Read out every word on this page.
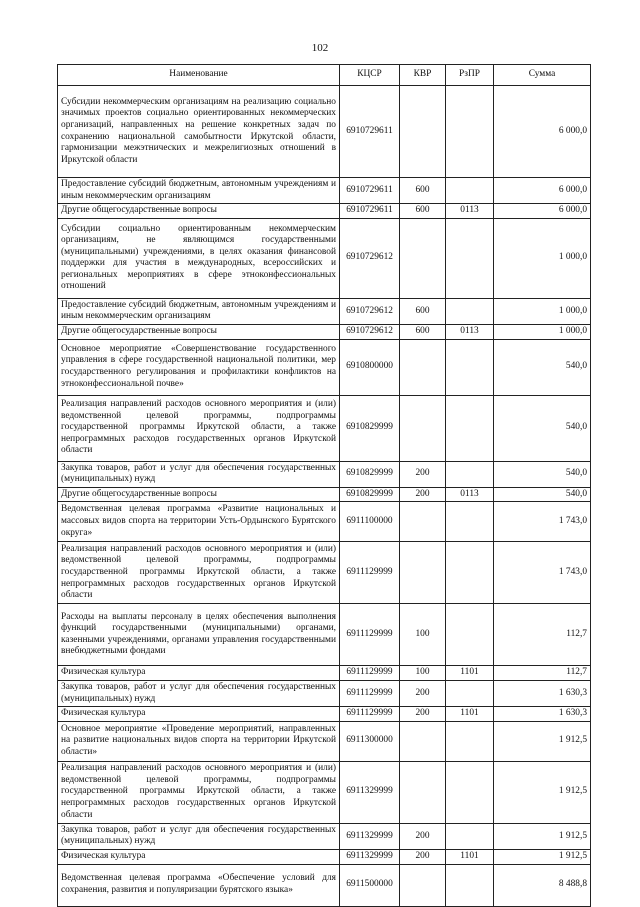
102
Наименование	КЦСР	КВР	РзПР	Сумма
Субсидии некоммерческим организациям на реализацию социально значимых проектов социально ориентированных некоммерческих организаций, направленных на решение конкретных задач по сохранению национальной самобытности Иркутской области, гармонизации межэтнических и межрелигиозных отношений в Иркутской области	6910729611			6 000,0
Предоставление субсидий бюджетным, автономным учреждениям и иным некоммерческим организациям	6910729611	600		6 000,0
Другие общегосударственные вопросы	6910729611	600	0113	6 000,0
Субсидии социально ориентированным некоммерческим организациям, не являющимся государственными (муниципальными) учреждениями, в целях оказания финансовой поддержки для участия в международных, всероссийских и региональных мероприятиях в сфере этноконфессиональных отношений	6910729612			1 000,0
Предоставление субсидий бюджетным, автономным учреждениям и иным некоммерческим организациям	6910729612	600		1 000,0
Другие общегосударственные вопросы	6910729612	600	0113	1 000,0
Основное мероприятие «Совершенствование государственного управления в сфере государственной национальной политики, мер государственного регулирования и профилактики конфликтов на этноконфессиональной почве»	6910800000			540,0
Реализация направлений расходов основного мероприятия и (или) ведомственной целевой программы, подпрограммы государственной программы Иркутской области, а также непрограммных расходов государственных органов Иркутской области	6910829999			540,0
Закупка товаров, работ и услуг для обеспечения государственных (муниципальных) нужд	6910829999	200		540,0
Другие общегосударственные вопросы	6910829999	200	0113	540,0
Ведомственная целевая программа «Развитие национальных и массовых видов спорта на территории Усть-Ордынского Бурятского округа»	6911100000			1 743,0
Реализация направлений расходов основного мероприятия и (или) ведомственной целевой программы, подпрограммы государственной программы Иркутской области, а также непрограммных расходов государственных органов Иркутской области	6911129999			1 743,0
Расходы на выплаты персоналу в целях обеспечения выполнения функций государственными (муниципальными) органами, казенными учреждениями, органами управления государственными внебюджетными фондами	6911129999	100		112,7
Физическая культура	6911129999	100	1101	112,7
Закупка товаров, работ и услуг для обеспечения государственных (муниципальных) нужд	6911129999	200		1 630,3
Физическая культура	6911129999	200	1101	1 630,3
Основное мероприятие «Проведение мероприятий, направленных на развитие национальных видов спорта на территории Иркутской области»	6911300000			1 912,5
Реализация направлений расходов основного мероприятия и (или) ведомственной целевой программы, подпрограммы государственной программы Иркутской области, а также непрограммных расходов государственных органов Иркутской области	6911329999			1 912,5
Закупка товаров, работ и услуг для обеспечения государственных (муниципальных) нужд	6911329999	200		1 912,5
Физическая культура	6911329999	200	1101	1 912,5
Ведомственная целевая программа «Обеспечение условий для сохранения, развития и популяризации бурятского языка»	6911500000			8 488,8
